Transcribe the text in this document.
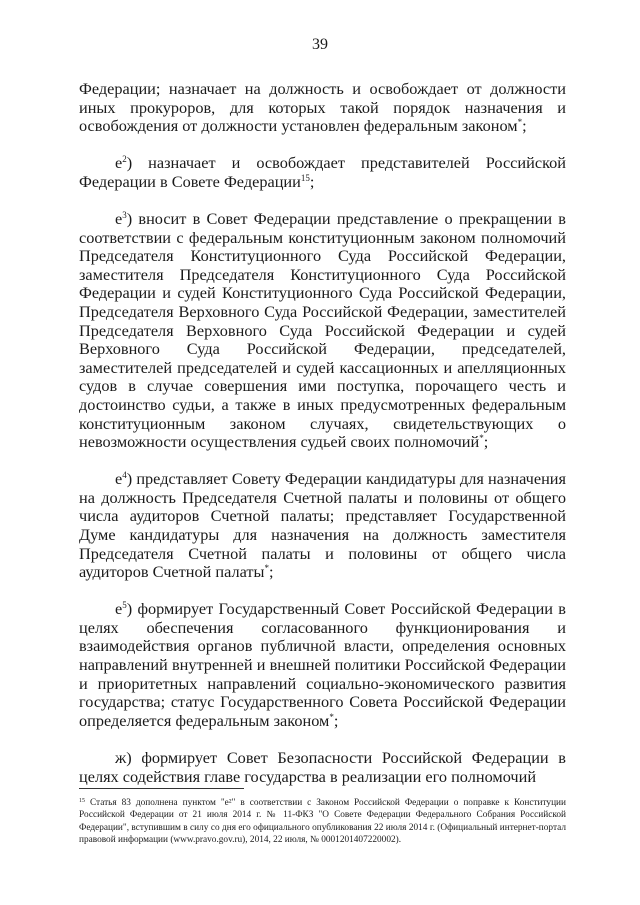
39

Федерации; назначает на должность и освобождает от должности иных прокуроров, для которых такой порядок назначения и освобождения от должности установлен федеральным законом*;

$е^2$) назначает и освобождает представителей Российской Федерации в Совете Федерации$^{15}$;

$е^3$) вносит в Совет Федерации представление о прекращении в соответствии с федеральным конституционным законом полномочий Председателя Конституционного Суда Российской Федерации, заместителя Председателя Конституционного Суда Российской Федерации и судей Конституционного Суда Российской Федерации, Председателя Верховного Суда Российской Федерации, заместителей Председателя Верховного Суда Российской Федерации и судей Верховного Суда Российской Федерации, председателей, заместителей председателей и судей кассационных и апелляционных судов в случае совершения ими поступка, порочащего честь и достоинство судьи, а также в иных предусмотренных федеральным конституционным законом случаях, свидетельствующих о невозможности осуществления судьей своих полномочий*;

$е^4$) представляет Совету Федерации кандидатуры для назначения на должность Председателя Счетной палаты и половины от общего числа аудиторов Счетной палаты; представляет Государственной Думе кандидатуры для назначения на должность заместителя Председателя Счетной палаты и половины от общего числа аудиторов Счетной палаты*;

$е^5$) формирует Государственный Совет Российской Федерации в целях обеспечения согласованного функционирования и взаимодействия органов публичной власти, определения основных направлений внутренней и внешней политики Российской Федерации и приоритетных направлений социально-экономического развития государства; статус Государственного Совета Российской Федерации определяется федеральным законом*;

ж) формирует Совет Безопасности Российской Федерации в целях содействия главе государства в реализации его полномочий

$^{15}$ Статья 83 дополнена пунктом "е²" в соответствии с Законом Российской Федерации о поправке к Конституции Российской Федерации от 21 июля 2014 г. № 11-ФКЗ "О Совете Федерации Федерального Собрания Российской Федерации", вступившим в силу со дня его официального опубликования 22 июля 2014 г. (Официальный интернет-портал правовой информации (www.pravo.gov.ru), 2014, 22 июля, № 0001201407220002).
